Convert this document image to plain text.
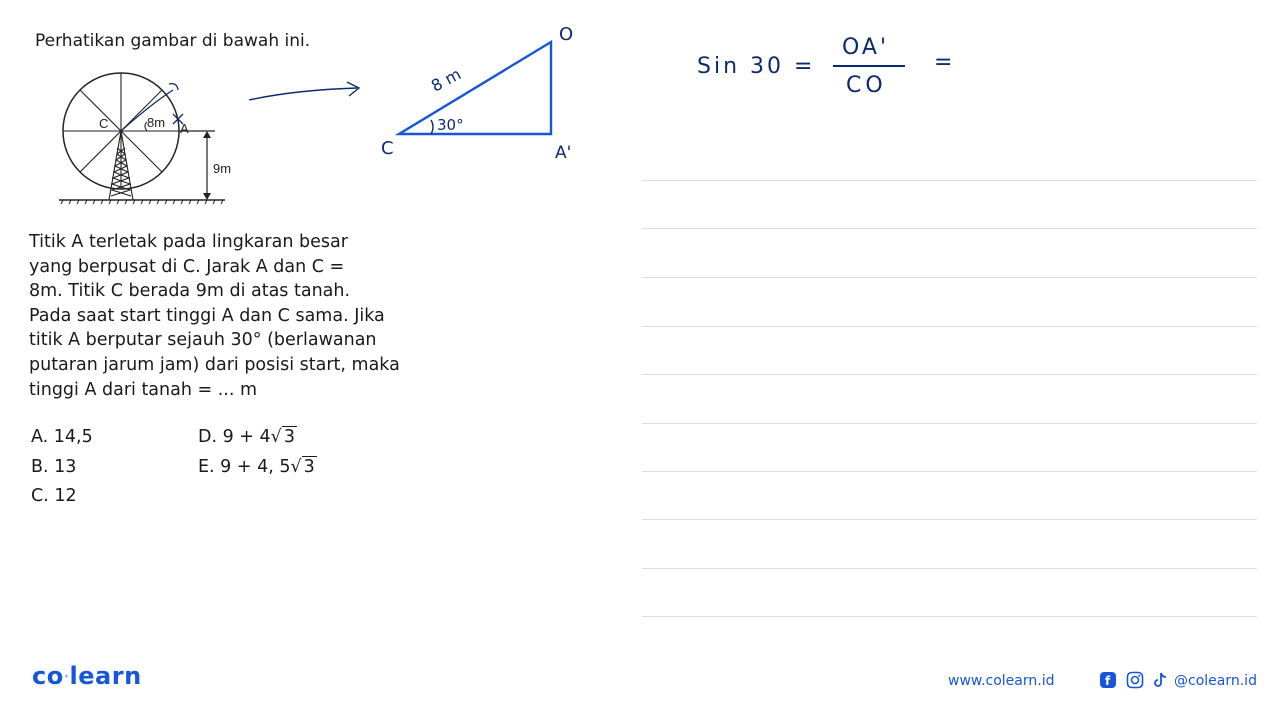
Perhatikan gambar di bawah ini.
C	8m A
9m
O
C	A'
8 m
30°
Sin 30 =
OA'
CO
=
Titik A terletak pada lingkaran besar
yang berpusat di C. Jarak A dan C =
8m. Titik C berada 9m di atas tanah.
Pada saat start tinggi A dan C sama. Jika
titik A berputar sejauh 30° (berlawanan
putaran jarum jam) dari posisi start, maka
tinggi A dari tanah = ... m
A. 14,5
B. 13
C. 12
D. 9 + 4√ 3
E. 9 + 4, 5√ 3
co·learn	www.colearn.id	f	@colearn.id
